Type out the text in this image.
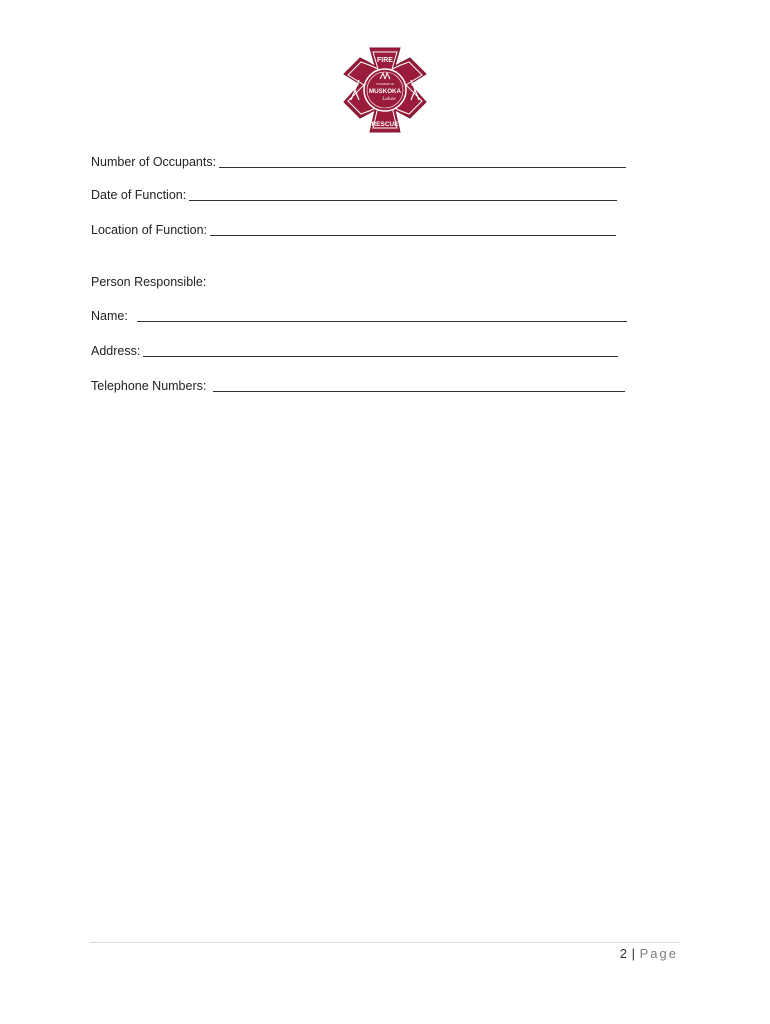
FIRE
TOWNSHIP OF
MUSKOKA
Lakes
RESCUE
Number of Occupants:
Date of Function:
Location of Function:
Person Responsible:
Name:
Address:
Telephone Numbers:
2 | Page
